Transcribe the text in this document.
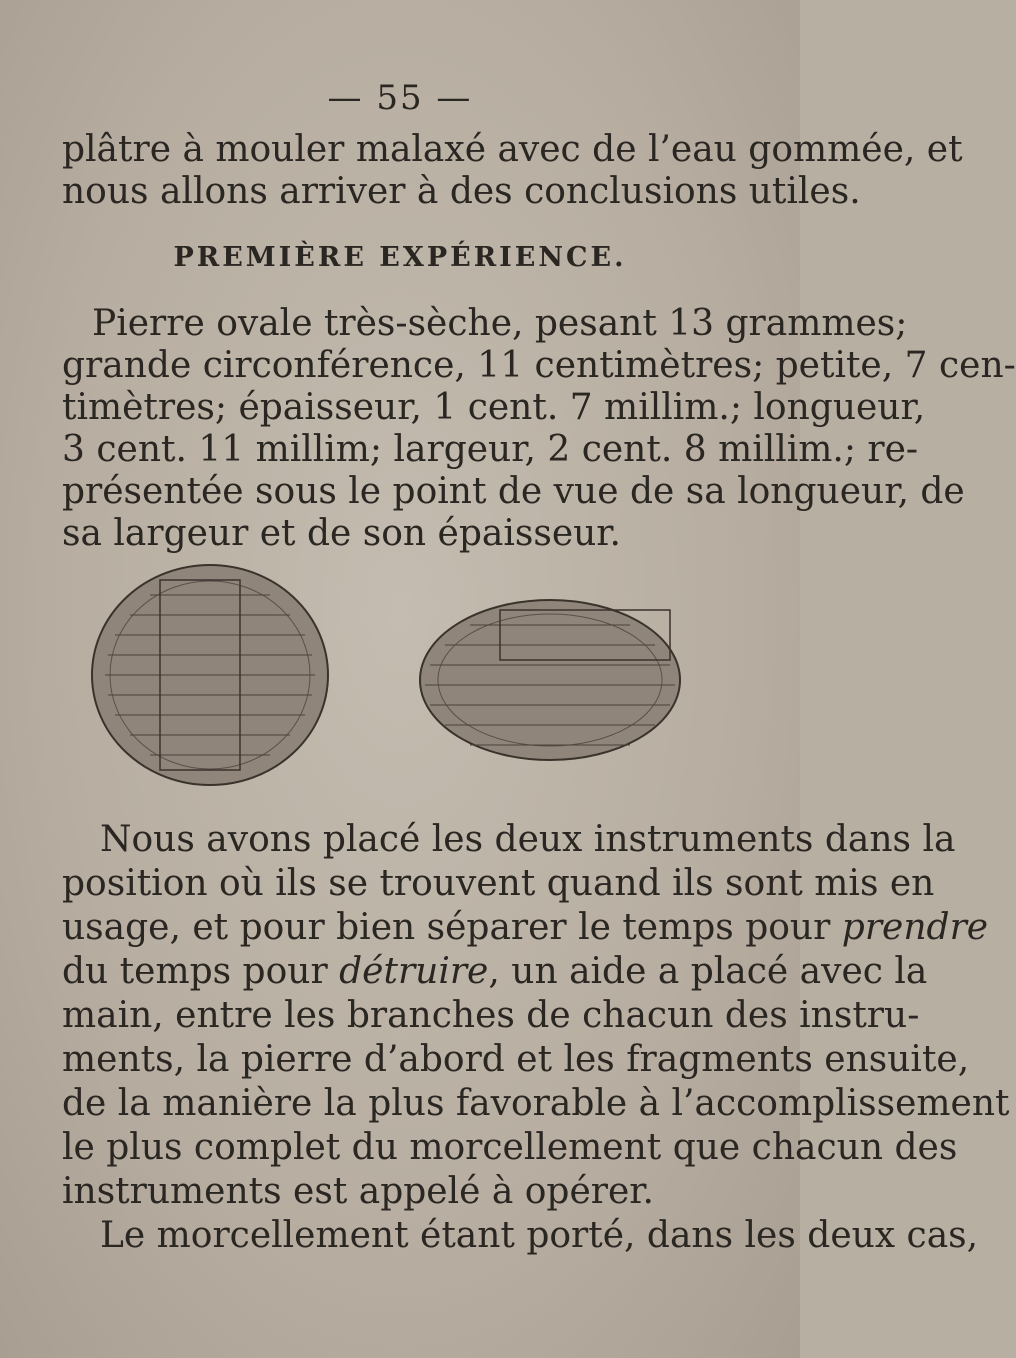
— 55 —
plâtre à mouler malaxé avec de l’eau gommée, et
nous allons arriver à des conclusions utiles.
PREMIÈRE EXPÉRIENCE.
Pierre ovale très-sèche, pesant 13 grammes;
grande circonférence, 11 centimètres; petite, 7 cen-
timètres; épaisseur, 1 cent. 7 millim.; longueur,
3 cent. 11 millim; largeur, 2 cent. 8 millim.; re-
présentée sous le point de vue de sa longueur, de
sa largeur et de son épaisseur.
Nous avons placé les deux instruments dans la
position où ils se trouvent quand ils sont mis en
usage, et pour bien séparer le temps pour prendre
du temps pour détruire, un aide a placé avec la
main, entre les branches de chacun des instru-
ments, la pierre d’abord et les fragments ensuite,
de la manière la plus favorable à l’accomplissement
le plus complet du morcellement que chacun des
instruments est appelé à opérer.
Le morcellement étant porté, dans les deux cas,
